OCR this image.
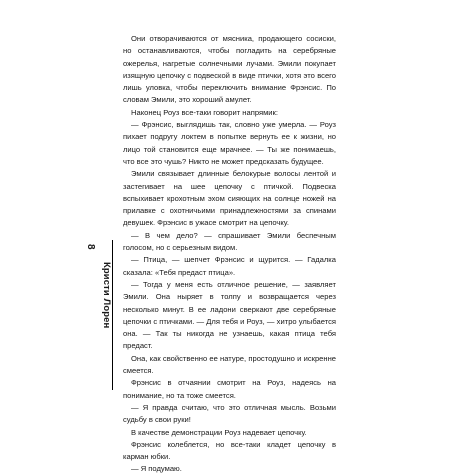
8
Кристи Лорен

Они отворачиваются от мясника, продающего сосиски, но останавливаются, чтобы погладить на серебряные ожерелья, нагретые солнечными лучами. Эмили покупает изящную цепочку с подвеской в виде птички, хотя это всего лишь уловка, чтобы переключить внимание Фрэнсис. По словам Эмили, это хороший амулет.

Наконец Роуз все-таки говорит напрямик:

— Фрэнсис, выглядишь так, словно уже умерла. — Роуз пихает подругу локтем в попытке вернуть ее к жизни, но лицо той становится еще мрачнее. — Ты же понимаешь, что все это чушь? Никто не может предсказать будущее.

Эмили связывает длинные белокурые волосы лентой и застегивает на шее цепочку с птичкой. Подвеска вспыхивает крохотным эхом сияющих на солнце ножей на прилавке с охотничьими принадлежностями за спинами девушек. Фрэнсис в ужасе смотрит на цепочку.

— В чем дело? — спрашивает Эмили беспечным голосом, но с серьезным видом.

— Птица, — шепчет Фрэнсис и щурится. — Гадалка сказала: «Тебя предаст птица».

— Тогда у меня есть отличное решение, — заявляет Эмили. Она ныряет в толпу и возвращается через несколько минут. В ее ладони сверкают две серебряные цепочки с птичками. — Для тебя и Роуз, — хитро улыбается она. — Так ты никогда не узнаешь, какая птица тебя предаст.

Она, как свойственно ее натуре, простодушно и искренне смеется.

Фрэнсис в отчаянии смотрит на Роуз, надеясь на понимание, но та тоже смеется.

— Я правда считаю, что это отличная мысль. Возьми судьбу в свои руки!

В качестве демонстрации Роуз надевает цепочку.

Фрэнсис колеблется, но все-таки кладет цепочку в карман юбки.

— Я подумаю.
